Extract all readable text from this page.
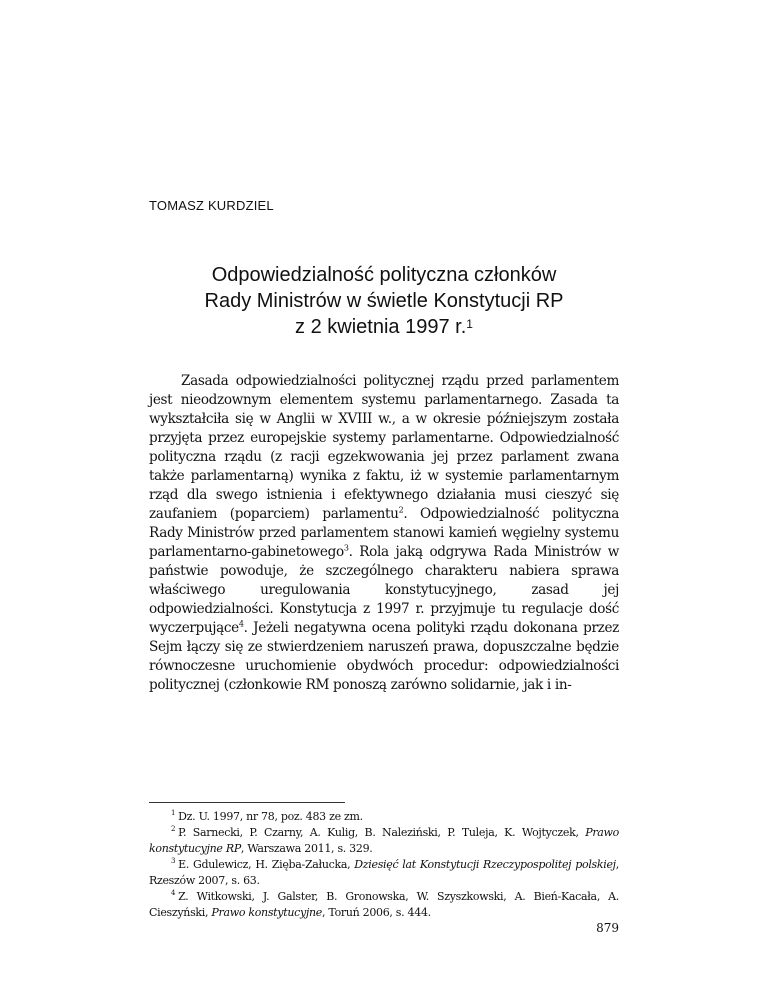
TOMASZ KURDZIEL
Odpowiedzialność polityczna członków
Rady Ministrów w świetle Konstytucji RP
z 2 kwietnia 1997 r.$^1$

Zasada odpowiedzialności politycznej rządu przed parlamentem jest nieodzownym elementem systemu parlamentarnego. Zasada ta wykształciła się w Anglii w XVIII w., a w okresie późniejszym została przyjęta przez europejskie systemy parlamentarne. Odpowiedzialność polityczna rządu (z racji egzekwowania jej przez parlament zwana także parlamentarną) wynika z faktu, iż w systemie parlamentarnym rząd dla swego istnienia i efektywnego działania musi cieszyć się zaufaniem (poparciem) parlamentu$^2$. Odpowiedzialność polityczna Rady Ministrów przed parlamentem stanowi kamień węgielny systemu parlamentarno-gabinetowego$^3$. Rola jaką odgrywa Rada Ministrów w państwie powoduje, że szczególnego charakteru nabiera sprawa właściwego uregulowania konstytucyjnego, zasad jej odpowiedzialności. Konstytucja z 1997 r. przyjmuje tu regulacje dość wyczerpujące$^4$. Jeżeli negatywna ocena polityki rządu dokonana przez Sejm łączy się ze stwierdzeniem naruszeń prawa, dopuszczalne będzie równoczesne uruchomienie obydwóch procedur: odpowiedzialności politycznej (członkowie RM ponoszą zarówno solidarnie, jak i in-

$^1$ Dz. U. 1997, nr 78, poz. 483 ze zm.

$^2$ P. Sarnecki, P. Czarny, A. Kulig, B. Naleziński, P. Tuleja, K. Wojtyczek, Prawo konstytucyjne RP, Warszawa 2011, s. 329.

$^3$ E. Gdulewicz, H. Zięba-Załucka, Dziesięć lat Konstytucji Rzeczypospolitej polskiej, Rzeszów 2007, s. 63.

$^4$ Z. Witkowski, J. Galster, B. Gronowska, W. Szyszkowski, A. Bień-Kacała, A. Cieszyński, Prawo konstytucyjne, Toruń 2006, s. 444.

879
